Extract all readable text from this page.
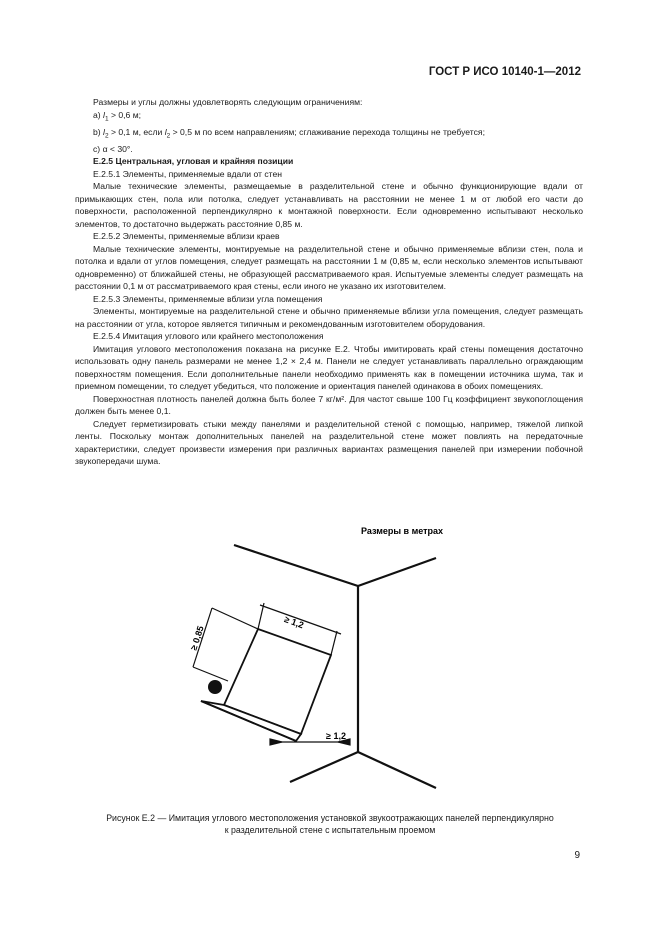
ГОСТ Р ИСО 10140-1—2012

Размеры и углы должны удовлетворять следующим ограничениям:

а) $l_1 > 0,6$ м;

b) $l_2 > 0,1$ м, если $l_2 > 0,5$ м по всем направлениям; сглаживание перехода толщины не требуется;

с) α < 30°.

Е.2.5 Центральная, угловая и крайняя позиции

Е.2.5.1 Элементы, применяемые вдали от стен

Малые технические элементы, размещаемые в разделительной стене и обычно функционирующие вдали от примыкающих стен, пола или потолка, следует устанавливать на расстоянии не менее 1 м от любой его части до поверхности, расположенной перпендикулярно к монтажной поверхности. Если одновременно испытывают несколько элементов, то достаточно выдержать расстояние 0,85 м.

Е.2.5.2 Элементы, применяемые вблизи краев

Малые технические элементы, монтируемые на разделительной стене и обычно применяемые вблизи стен, пола и потолка и вдали от углов помещения, следует размещать на расстоянии 1 м (0,85 м, если несколько элементов испытывают одновременно) от ближайшей стены, не образующей рассматриваемого края. Испытуемые элементы следует размещать на расстоянии 0,1 м от рассматриваемого края стены, если иного не указано их изготовителем.

Е.2.5.3 Элементы, применяемые вблизи угла помещения

Элементы, монтируемые на разделительной стене и обычно применяемые вблизи угла помещения, следует размещать на расстоянии от угла, которое является типичным и рекомендованным изготовителем оборудования.

Е.2.5.4 Имитация углового или крайнего местоположения

Имитация углового местоположения показана на рисунке Е.2. Чтобы имитировать край стены помещения достаточно использовать одну панель размерами не менее 1,2 × 2,4 м. Панели не следует устанавливать параллельно ограждающим поверхностям помещения. Если дополнительные панели необходимо применять как в помещении источника шума, так и приемном помещении, то следует убедиться, что положение и ориентация панелей одинакова в обоих помещениях.

Поверхностная плотность панелей должна быть более 7 кг/м². Для частот свыше 100 Гц коэффициент звукопоглощения должен быть менее 0,1.

Следует герметизировать стыки между панелями и разделительной стеной с помощью, например, тяжелой липкой ленты. Поскольку монтаж дополнительных панелей на разделительной стене может повлиять на передаточные характеристики, следует произвести измерения при различных вариантах размещения панелей при измерении побочной звукопередачи шума.

Размеры в метрах
≥ 1,2
≥ 0,85
≥ 1,2
Рисунок Е.2 — Имитация углового местоположения установкой звукоотражающих панелей перпендикулярно
к разделительной стене с испытательным проемом
9
